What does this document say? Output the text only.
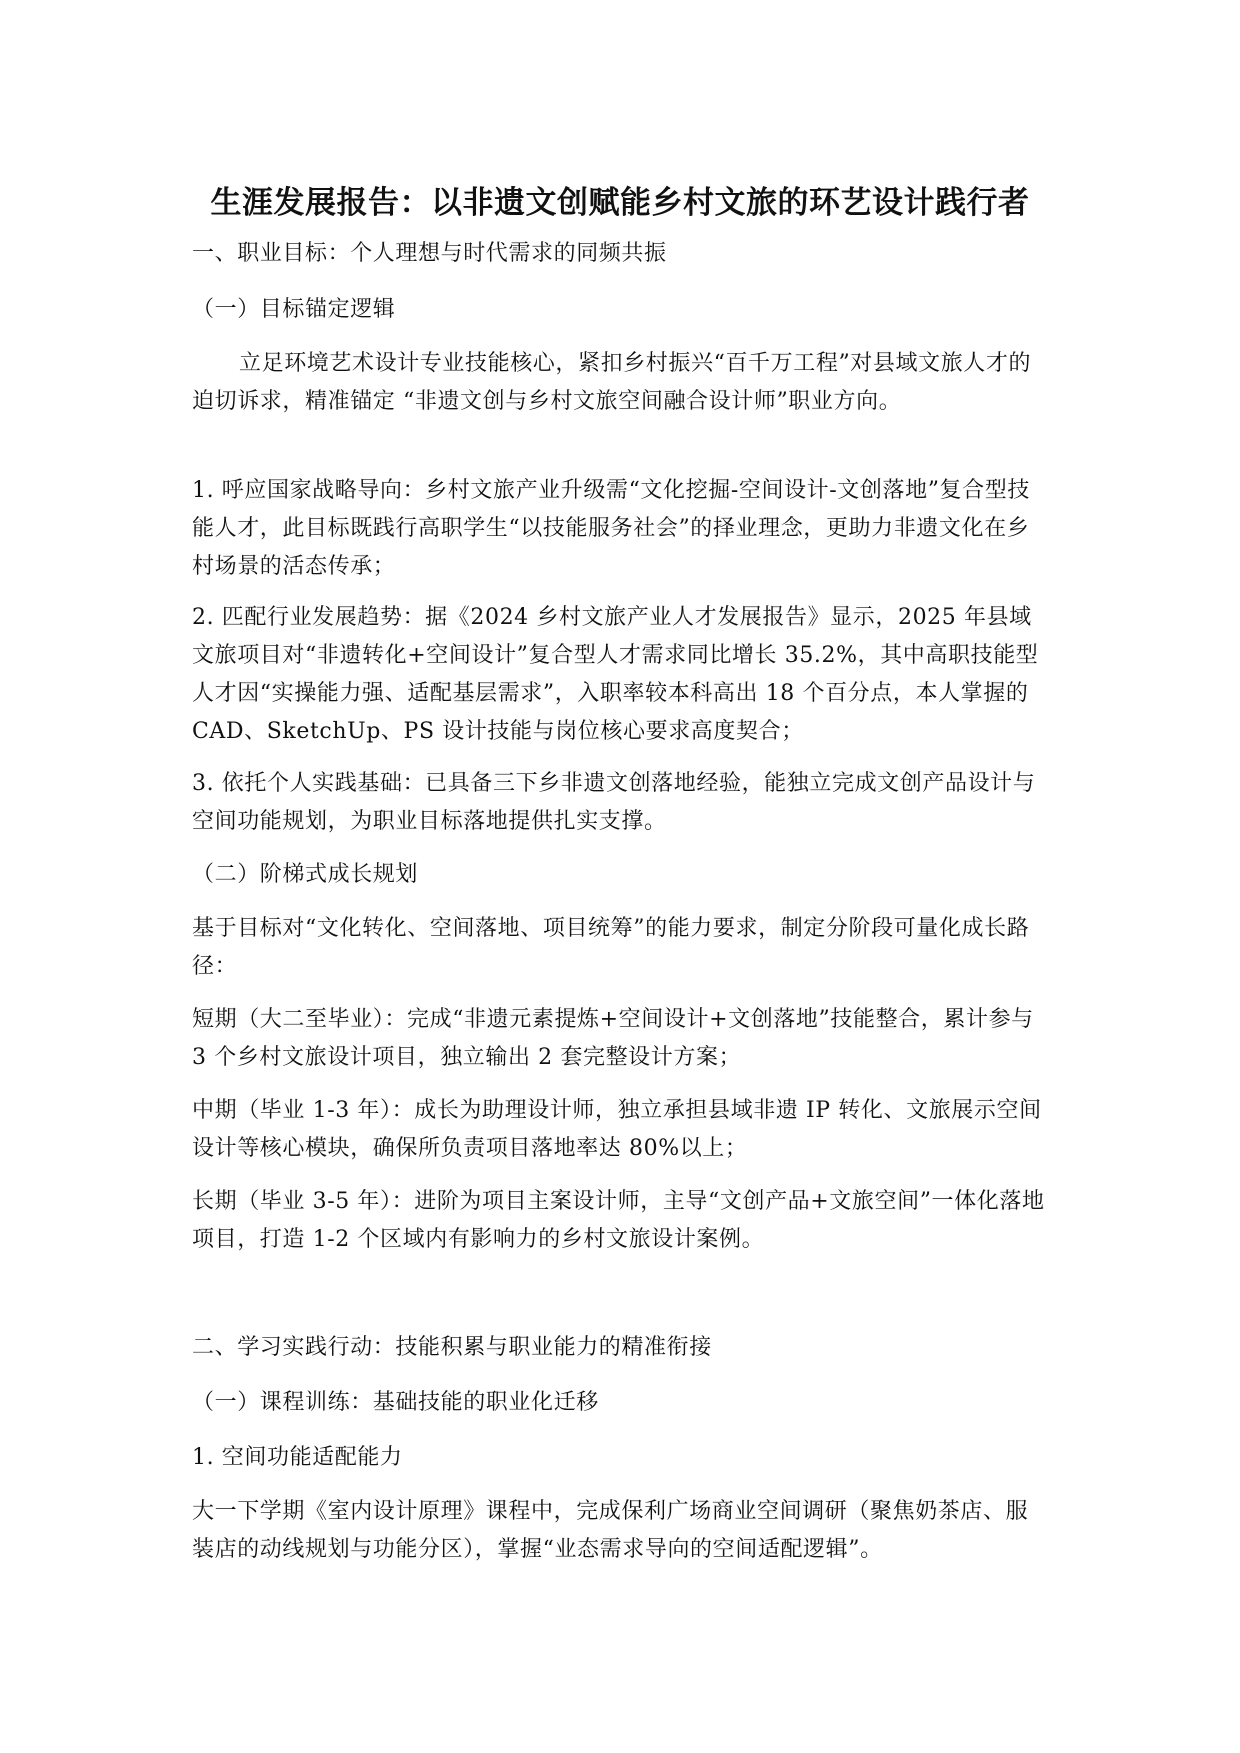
生涯发展报告：以非遗文创赋能乡村文旅的环艺设计践行者

一、职业目标：个人理想与时代需求的同频共振

（一）目标锚定逻辑

立足环境艺术设计专业技能核心，紧扣乡村振兴“百千万工程”对县域文旅人才的迫切诉求，精准锚定 “非遗文创与乡村文旅空间融合设计师”职业方向。

1. 呼应国家战略导向：乡村文旅产业升级需“文化挖掘-空间设计-文创落地”复合型技能人才，此目标既践行高职学生“以技能服务社会”的择业理念，更助力非遗文化在乡村场景的活态传承；

2. 匹配行业发展趋势：据《2024 乡村文旅产业人才发展报告》显示，2025 年县域文旅项目对“非遗转化+空间设计”复合型人才需求同比增长 35.2%，其中高职技能型人才因“实操能力强、适配基层需求”，入职率较本科高出 18 个百分点，本人掌握的 CAD、SketchUp、PS 设计技能与岗位核心要求高度契合；

3. 依托个人实践基础：已具备三下乡非遗文创落地经验，能独立完成文创产品设计与空间功能规划，为职业目标落地提供扎实支撑。

（二）阶梯式成长规划

基于目标对“文化转化、空间落地、项目统筹”的能力要求，制定分阶段可量化成长路径：

短期（大二至毕业）：完成“非遗元素提炼+空间设计+文创落地”技能整合，累计参与 3 个乡村文旅设计项目，独立输出 2 套完整设计方案；

中期（毕业 1-3 年）：成长为助理设计师，独立承担县域非遗 IP 转化、文旅展示空间设计等核心模块，确保所负责项目落地率达 80%以上；

长期（毕业 3-5 年）：进阶为项目主案设计师，主导“文创产品+文旅空间”一体化落地项目，打造 1-2 个区域内有影响力的乡村文旅设计案例。

二、学习实践行动：技能积累与职业能力的精准衔接

（一）课程训练：基础技能的职业化迁移

1. 空间功能适配能力

大一下学期《室内设计原理》课程中，完成保利广场商业空间调研（聚焦奶茶店、服装店的动线规划与功能分区），掌握“业态需求导向的空间适配逻辑”。
